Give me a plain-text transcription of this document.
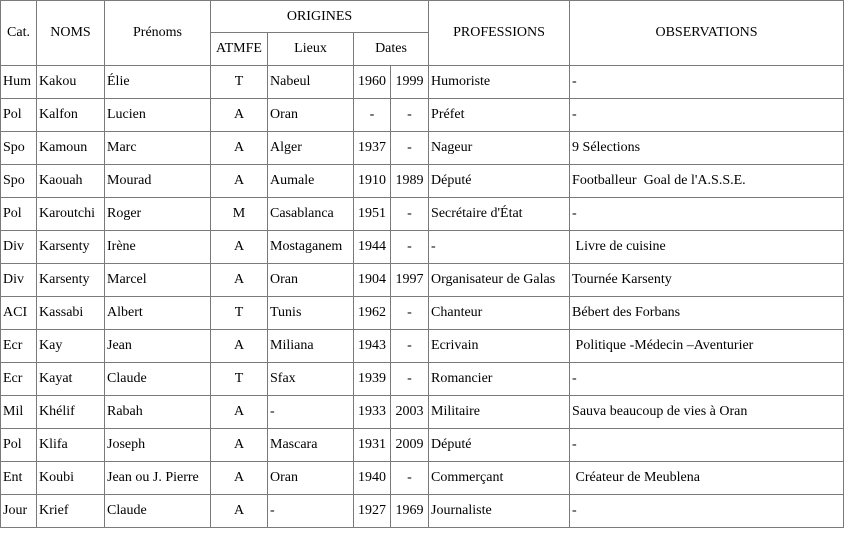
Cat.	NOMS	Prénoms	ORIGINES				PROFESSIONS	OBSERVATIONS
			ATMFE	Lieux	Dates			
Hum	Kakou	Élie	T	Nabeul	1960	1999	Humoriste	-
Pol	Kalfon	Lucien	A	Oran	-	-	Préfet	-
Spo	Kamoun	Marc	A	Alger	1937	-	Nageur	9 Sélections
Spo	Kaouah	Mourad	A	Aumale	1910	1989	Député	Footballeur  Goal de l'A.S.S.E.
Pol	Karoutchi	Roger	M	Casablanca	1951	-	Secrétaire d'État	-
Div	Karsenty	Irène	A	Mostaganem	1944	-	-	Livre de cuisine
Div	Karsenty	Marcel	A	Oran	1904	1997	Organisateur de Galas	Tournée Karsenty
ACI	Kassabi	Albert	T	Tunis	1962	-	Chanteur	Bébert des Forbans
Ecr	Kay	Jean	A	Miliana	1943	-	Ecrivain	Politique -Médecin –Aventurier
Ecr	Kayat	Claude	T	Sfax	1939	-	Romancier	-
Mil	Khélif	Rabah	A	-	1933	2003	Militaire	Sauva beaucoup de vies à Oran
Pol	Klifa	Joseph	A	Mascara	1931	2009	Député	-
Ent	Koubi	Jean ou J. Pierre	A	Oran	1940	-	Commerçant	Créateur de Meublena
Jour	Krief	Claude	A	-	1927	1969	Journaliste	-
